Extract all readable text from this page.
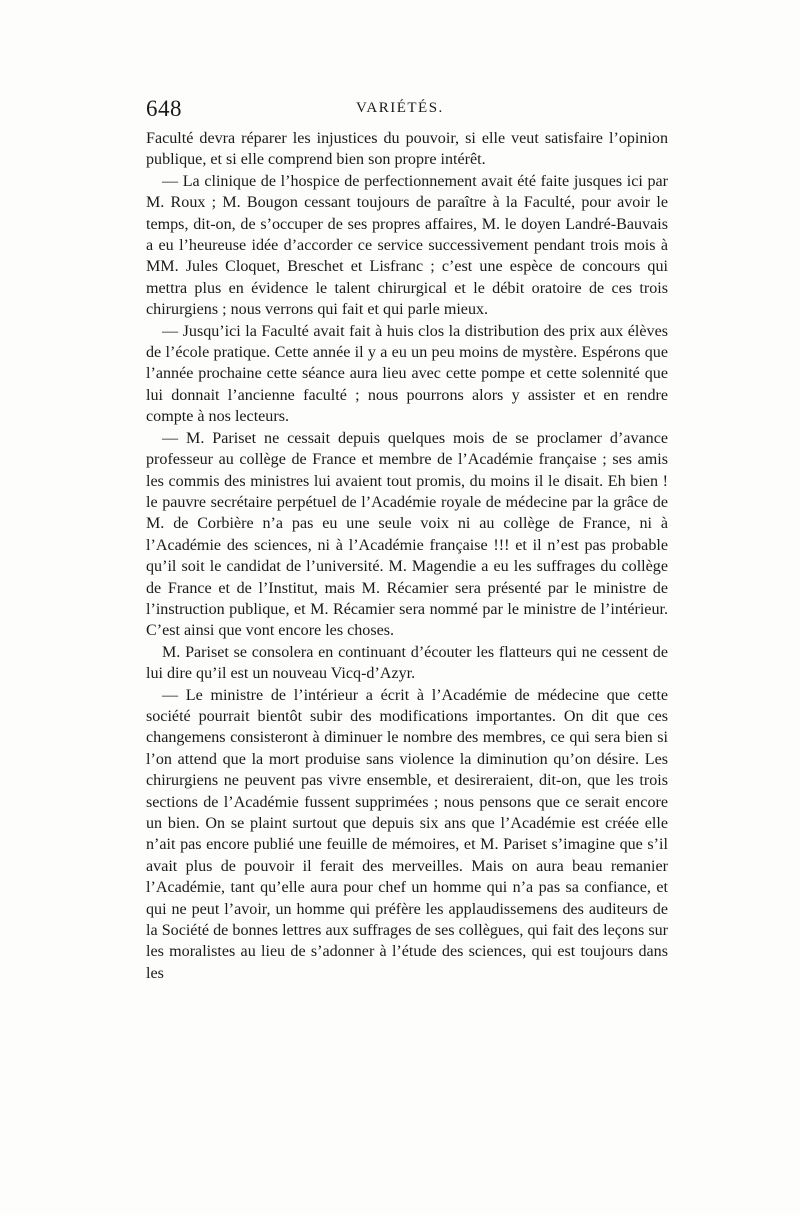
648	VARIÉTÉS.

Faculté devra réparer les injustices du pouvoir, si elle veut satisfaire l’opinion publique, et si elle comprend bien son propre intérêt.

— La clinique de l’hospice de perfectionnement avait été faite jusques ici par M. Roux ; M. Bougon cessant toujours de paraître à la Faculté, pour avoir le temps, dit-on, de s’occuper de ses propres affaires, M. le doyen Landré-Bauvais a eu l’heureuse idée d’accorder ce service successivement pendant trois mois à MM. Jules Cloquet, Breschet et Lisfranc ; c’est une espèce de concours qui mettra plus en évidence le talent chirurgical et le débit oratoire de ces trois chirurgiens ; nous verrons qui fait et qui parle mieux.

— Jusqu’ici la Faculté avait fait à huis clos la distribution des prix aux élèves de l’école pratique. Cette année il y a eu un peu moins de mystère. Espérons que l’année prochaine cette séance aura lieu avec cette pompe et cette solennité que lui donnait l’ancienne faculté ; nous pourrons alors y assister et en rendre compte à nos lecteurs.

— M. Pariset ne cessait depuis quelques mois de se proclamer d’avance professeur au collège de France et membre de l’Académie française ; ses amis les commis des ministres lui avaient tout promis, du moins il le disait. Eh bien ! le pauvre secrétaire perpétuel de l’Académie royale de médecine par la grâce de M. de Corbière n’a pas eu une seule voix ni au collège de France, ni à l’Académie des sciences, ni à l’Académie française !!! et il n’est pas probable qu’il soit le candidat de l’université. M. Magendie a eu les suffrages du collège de France et de l’Institut, mais M. Récamier sera présenté par le ministre de l’instruction publique, et M. Récamier sera nommé par le ministre de l’intérieur. C’est ainsi que vont encore les choses.

M. Pariset se consolera en continuant d’écouter les flatteurs qui ne cessent de lui dire qu’il est un nouveau Vicq-d’Azyr.

— Le ministre de l’intérieur a écrit à l’Académie de médecine que cette société pourrait bientôt subir des modifications importantes. On dit que ces changemens consisteront à diminuer le nombre des membres, ce qui sera bien si l’on attend que la mort produise sans violence la diminution qu’on désire. Les chirurgiens ne peuvent pas vivre ensemble, et desireraient, dit-on, que les trois sections de l’Académie fussent supprimées ; nous pensons que ce serait encore un bien. On se plaint surtout que depuis six ans que l’Académie est créée elle n’ait pas encore publié une feuille de mémoires, et M. Pariset s’imagine que s’il avait plus de pouvoir il ferait des merveilles. Mais on aura beau remanier l’Académie, tant qu’elle aura pour chef un homme qui n’a pas sa confiance, et qui ne peut l’avoir, un homme qui préfère les applaudissemens des auditeurs de la Société de bonnes lettres aux suffrages de ses collègues, qui fait des leçons sur les moralistes au lieu de s’adonner à l’étude des sciences, qui est toujours dans les
